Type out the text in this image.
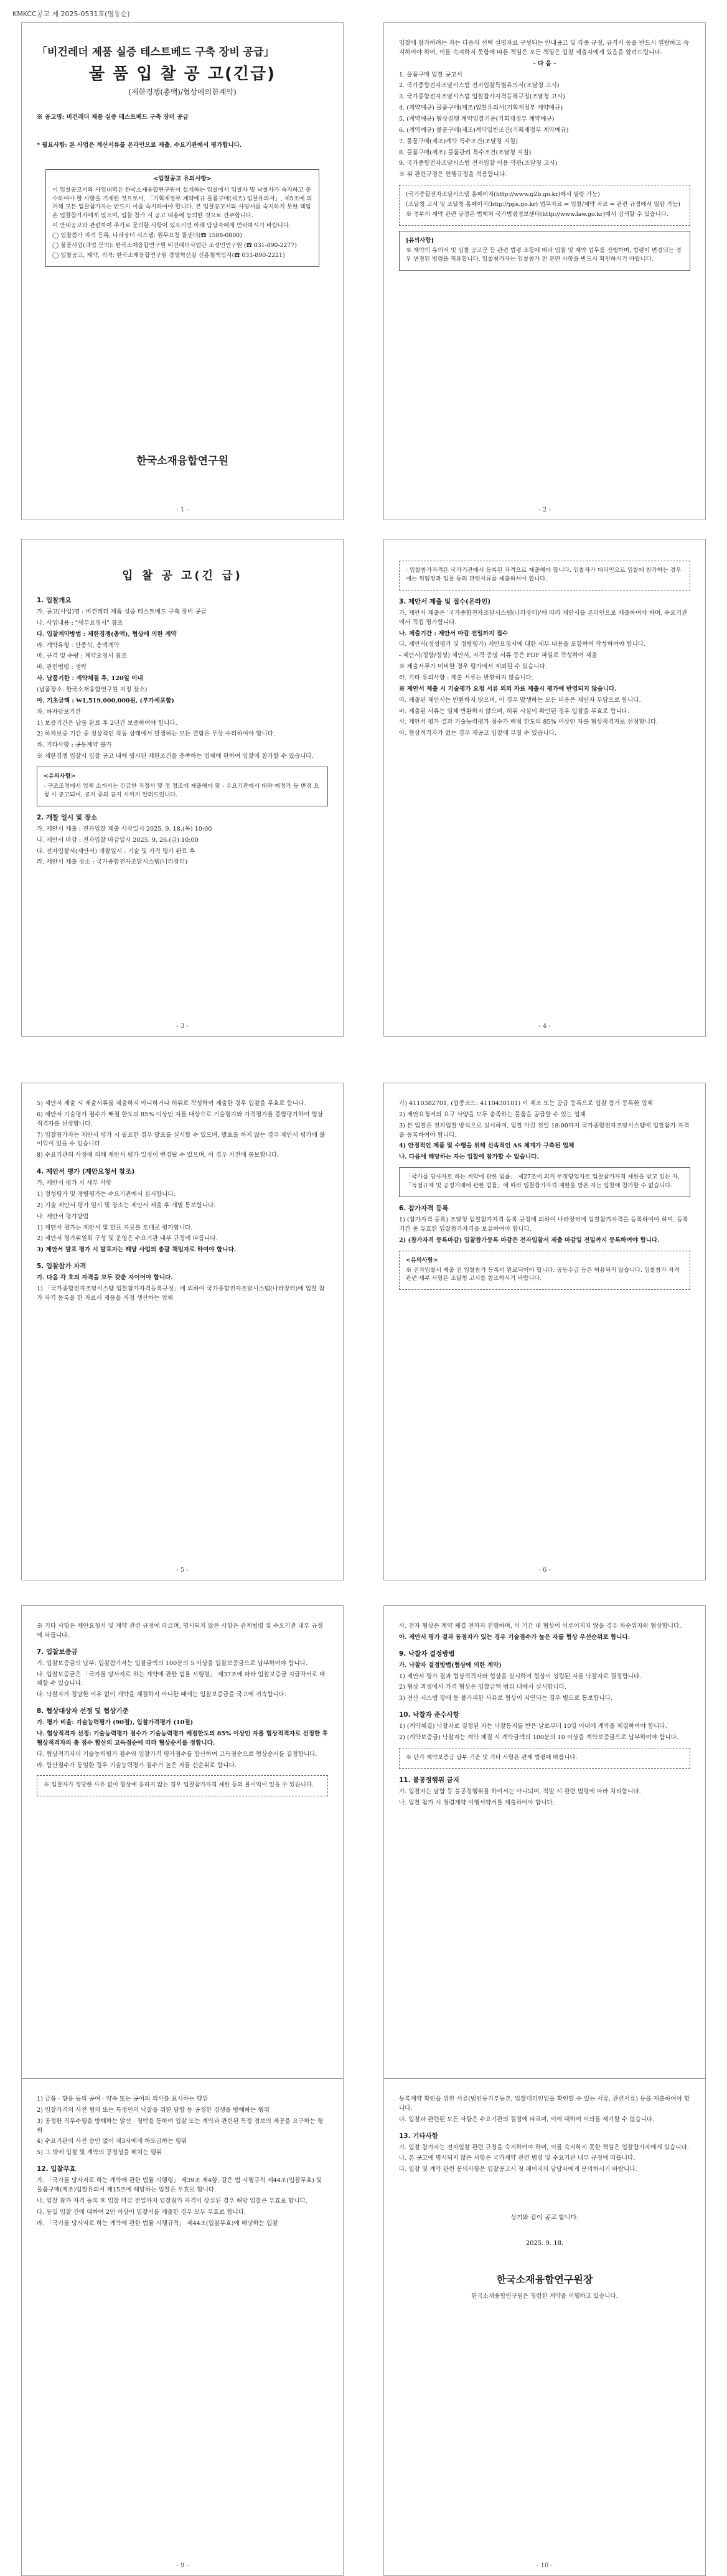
KMKCC공고 제 2025-0531호(명동순)
「비건레더 제품 실증 테스트베드 구축 장비 공급」
물 품 입 찰 공 고(긴급)
(제한경쟁(총액)/협상에의한계약)

※ 공고명: 비건레더 제품 실증 테스트베드 구축 장비 공급

* 필요사항: 본 사업은 계산서류를 온라인으로 제출, 수요기관에서 평가합니다.

<입찰공고 유의사항>

이 입찰공고서와 사업내역은 한국소재융합연구원이 설계하는 입찰에서 입찰자 및 낙찰자가 숙지하고 준수하여야 할 사항을 기재한 것으로서, 「기획재정부 계약예규 물품구매(제조) 입찰유의서」, 제5조에 의거해 모든 입찰참가자는 반드시 이를 숙지하여야 합니다. 본 입찰공고서와 사양서를 숙지하지 못한 책임은 입찰참가자에게 있으며, 입찰 참가 시 공고 내용에 동의한 것으로 간주합니다.

이 안내공고와 관련하여 추가로 문의할 사항이 있으시면 아래 담당자에게 연락하시기 바랍니다.

◯ 입찰참가 자격 등록, 나라장터 시스템: 원무요청 콜센터(☎ 1588-0800)

◯ 물품사업(과업 문의): 한국소재융합연구원 비건레더사업단 조성민연구원 (☎ 031-890-2277)

◯ 입찰공고, 계약, 적격: 한국소재융합연구원 경영혁신실 신홍철책임자(☎ 031-890-2221)

한국소재융합연구원
- 1 -

입찰에 참가하려는 자는 다음의 선택 설명자료 구성되는 안내공고 및 각종 규정, 규격서 등을 반드시 열람하고 숙지하여야 하며, 이를 숙지하지 못함에 따른 책임은 모든 책임은 입찰 제출자에게 있음을 알려드립니다.

- 다 음 -

1. 물품구매 입찰 공고서

2. 국가종합전자조달시스템 전자입찰특별유의서(조달청 고시)

3. 국가종합전자조달시스템 입찰참가자격등록규정(조달청 고시)

4. (계약예규) 물품구매(제조)입찰유의서(기획재정부 계약예규)

5. (계약예규) 협상집행 계약입찰기준(기획재정부 계약예규)

6. (계약예규) 물품구매(제조)계약일반조건(기획재정부 계약예규)

7. 물품구매(제조)계약 특수조건(조달청 지침)

8. 물품구매(제조) 물품관리 특수조건(조달청 지침)

9. 국가종합전자조달시스템 전자입찰 이용 약관(조달청 고시)

※ 위 관련규정은 현행규정을 적용합니다.

(국가종합전자조달시스템 홈페이지(http://www.g2b.go.kr)에서 열람 가능)

(조달청 고시 및 조달청 홈페이지(http://pps.go.kr) 업무자료 ⇒ 입찰/계약 자료 ⇒ 관련 규정에서 열람 가능)

※ 정부의 계약 관련 규정은 법제처 국가법령정보센터(http://www.law.go.kr)에서 검색할 수 있습니다.

[유의사항]

※ 계약의 유의서 및 입찰 공고문 등 관련 법령 조항에 따라 입찰 및 계약 업무를 진행하며, 법령이 변경되는 경우 변경된 법령을 적용합니다. 입찰참가자는 입찰참가 전 관련 사항을 반드시 확인하시기 바랍니다.

- 2 -
입 찰 공 고(긴 급)
1. 입찰개요

가. 공고(사업)명 : 비건레더 제품 실증 테스트베드 구축 장비 공급

나. 사업내용 : "세부요청서" 참조

다. 입찰계약방법 : 제한경쟁(총액), 협상에 의한 계약

라. 계약유형 : 단종식, 총액계약

마. 규격 및 수량 : 계약요청서 참조

바. 관련법령 : 생략

사. 납품기한 : 계약체결 후, 120일 이내

(납품장소: 한국소재융합연구원 지정 장소)

아. 기초금액 : ₩1,519,000,000원, (부가세포함)

자. 하자담보기간

1) 보증기간은 납품 완료 후 2년간 보증하여야 합니다.

2) 하자보증 기간 중 정상적인 작동 상태에서 발생하는 모든 결함은 무상 수리하여야 합니다.

차. 기타사항 : 공동계약 불가

※ 제한경쟁 입찰시 입찰 공고 내에 명시된 제한조건을 충족하는 업체에 한하여 입찰에 참가할 수 있습니다.

<유의사항>

- 구조조정에서 업체 소개서는 긴급한 지정서 및 정 정조에 제출해야 함 - 수요기관에서 대략 예정가 등 변경 요청 시 공고되며, 공지 중의 공지 시까지 알려드립니다.

2. 개찰 일시 및 장소

가. 제안서 제출 : 전자입찰 제출 시작일시 2025. 9. 18.(목) 10:00

나. 제안서 마감 : 전자입찰 마감일시 2025. 9. 26.(금) 10:00

다. 전자입찰서(제안서) 개찰일시 : 기술 및 가격 평가 완료 후

라. 제안서 제출 장소 : 국가종합전자조달시스템(나라장터)

- 3 -

· 입찰참가자격은 국가기관에서 등록된 자격으로 제출해야 합니다. 입찰자가 대리인으로 입찰에 참가하는 경우에는 위임장과 입찰 등의 관련서류를 제출하셔야 합니다.

3. 제안서 제출 및 접수(온라인)

가. 제안서 제출은 '국가종합전자조달시스템(나라장터)'에 따라 제안서를 온라인으로 제출하여야 하며, 수요기관에서 직접 평가합니다.

나. 제출기간 : 제안서 마감 전일까지 접수

다. 제안서(정성평가 및 정량평가) 제안요청서에 대한 세부 내용을 포함하여 작성하여야 합니다.

- 제안서(정량/정성) 제안서, 자격 증명 서류 등은 PDF 파일로 작성하여 제출

※ 제출서류가 미비한 경우 평가에서 제외될 수 있습니다.

라. 기타 유의사항 : 제출 서류는 반환하지 않습니다.

※ 제안서 제출 시 기술평가 요청 서류 외의 자료 제출시 평가에 반영되지 않습니다.

마. 제출된 제안서는 반환하지 않으며, 이 경우 발생하는 모든 비용은 제안자 부담으로 합니다.

바. 제출된 서류는 일체 반환하지 않으며, 허위 사실이 확인된 경우 입찰을 무효로 합니다.

사. 제안서 평가 결과 기술능력평가 점수가 배점 한도의 85% 이상인 자를 협상적격자로 선정합니다.

아. 협상적격자가 없는 경우 재공고 입찰에 부칠 수 있습니다.

- 4 -

5) 제안서 제출 시 제출서류를 제출하지 아니하거나 허위로 작성하여 제출한 경우 입찰을 무효로 합니다.

6) 제안서 기술평가 점수가 배점 한도의 85% 이상인 자를 대상으로 기술평가와 가격평가를 종합평가하여 협상적격자를 선정합니다.

7) 입찰참가자는 제안서 평가 시 필요한 경우 발표를 실시할 수 있으며, 발표를 하지 않는 경우 제안서 평가에 불이익이 있을 수 있습니다.

8) 수요기관의 사정에 의해 제안서 평가 일정이 변경될 수 있으며, 이 경우 사전에 통보합니다.

4. 제안서 평가 (제안요청서 참조)

가. 제안서 평가 시 세부 사항

1) 정성평가 및 정량평가는 수요기관에서 실시합니다.

2) 기술 제안서 평가 일시 및 장소는 제안서 제출 후 개별 통보합니다.

나. 제안서 평가방법

1) 제안서 평가는 제안서 및 발표 자료를 토대로 평가합니다.

2) 제안서 평가위원회 구성 및 운영은 수요기관 내부 규정에 따릅니다.

3) 제안서 발표 평가 시 발표자는 해당 사업의 총괄 책임자로 하여야 합니다.

5. 입찰참가 자격

가. 다음 각 호의 자격을 모두 갖춘 자이어야 합니다.

1) 「국가종합전자조달시스템 입찰참가자격등록규정」에 의하여 국가종합전자조달시스템(나라장터)에 입찰 참가 자격 등록을 한 자로서 제품을 직접 생산하는 업체

- 5 -

가) 4110382701, (업종코드: 4110430101) 이 제조 또는 공급 등록으로 입찰 참가 등록한 업체

2) 제안요청서의 요구 사양을 모두 충족하는 물품을 공급할 수 있는 업체

3) 본 입찰은 전자입찰 방식으로 실시하며, 입찰 마감 전일 18:00까지 국가종합전자조달시스템에 입찰참가 자격을 등록하여야 합니다.

4) 안정적인 제품 및 수행을 위해 신속적인 AS 체계가 구축된 업체

나. 다음에 해당하는 자는 입찰에 참가할 수 없습니다.

「국가를 당사자로 하는 계약에 관한 법률」 제27조에 의거 부정당업자로 입찰참가자격 제한을 받고 있는 자, 「독점규제 및 공정거래에 관한 법률」에 따라 입찰참가자격 제한을 받은 자는 입찰에 참가할 수 없습니다.

6. 참가자격 등록

1) (참가자격 등록) 조달청 입찰참가자격 등록 규정에 의하여 나라장터에 입찰참가자격을 등록하여야 하며, 등록 기간 중 유효한 입찰참가자격을 보유하여야 합니다.

2) (참가자격 등록마감) 입찰참가등록 마감은 전자입찰서 제출 마감일 전일까지 등록하여야 합니다.

<유의사항>

※ 전자입찰서 제출 전 입찰참가 등록이 완료되어야 합니다. 공동수급 등은 허용되지 않습니다. 입찰참가 자격 관련 세부 사항은 조달청 고시를 참조하시기 바랍니다.

- 6 -

※ 기타 사항은 제안요청서 및 계약 관련 규정에 따르며, 명시되지 않은 사항은 관계법령 및 수요기관 내부 규정에 따릅니다.

7. 입찰보증금

가. 입찰보증금의 납부: 입찰참가자는 입찰금액의 100분의 5 이상을 입찰보증금으로 납부하여야 합니다.

나. 입찰보증금은 「국가를 당사자로 하는 계약에 관한 법률 시행령」 제37조에 따라 입찰보증금 지급각서로 대체할 수 있습니다.

다. 낙찰자가 정당한 이유 없이 계약을 체결하지 아니한 때에는 입찰보증금을 국고에 귀속합니다.

8. 협상대상자 선정 및 협상기준

가. 평가 비율: 기술능력평가 (90점), 입찰가격평가 (10점)

나. 협상적격자 선정: 기술능력평가 점수가 기술능력평가 배점한도의 85% 이상인 자를 협상적격자로 선정한 후 협상적격자의 총 점수 합산의 고득점순에 따라 협상순서를 정합니다.

다. 협상적격자의 기술능력평가 점수와 입찰가격 평가점수를 합산하여 고득점순으로 협상순서를 결정합니다.

라. 합산점수가 동일한 경우 기술능력평가 점수가 높은 자를 선순위로 합니다.

※ 입찰자가 정당한 사유 없이 협상에 응하지 않는 경우 입찰참가자격 제한 등의 불이익이 있을 수 있습니다.

- -

사. 전자 협상은 계약 체결 전까지 진행하며, 이 기간 내 협상이 이루어지지 않을 경우 차순위자와 협상합니다.

아. 제안서 평가 결과 동점자가 있는 경우 기술점수가 높은 자를 협상 우선순위로 합니다.

9. 낙찰자 결정방법

가. 낙찰자 결정방법(협상에 의한 계약)

1) 제안서 평가 결과 협상적격자와 협상을 실시하여 협상이 성립된 자를 낙찰자로 결정합니다.

2) 협상 과정에서 가격 협상은 입찰금액 범위 내에서 실시합니다.

3) 전산 시스템 장애 등 불가피한 사유로 협상이 지연되는 경우 별도로 통보합니다.

10. 낙찰자 준수사항

1) (계약체결) 낙찰자로 결정된 자는 낙찰통지를 받은 날로부터 10일 이내에 계약을 체결하여야 합니다.

2) (계약보증금) 낙찰자는 계약 체결 시 계약금액의 100분의 10 이상을 계약보증금으로 납부하여야 합니다.

※ 단가 계약보증금 납부 기준 및 기타 사항은 관계 법령에 따릅니다.

11. 불공정행위 금지

가. 입찰자는 담합 등 불공정행위를 하여서는 아니되며, 적발 시 관련 법령에 따라 처리합니다.

나. 입찰 참가 시 청렴계약 이행서약서를 제출하여야 합니다.

- -

1) 금품 · 향응 등의 공여 · 약속 또는 공여의 의사를 표시하는 행위

2) 입찰가격의 사전 협의 또는 특정인의 낙찰을 위한 담합 등 공정한 경쟁을 방해하는 행위

3) 공정한 직무수행을 방해하는 알선 · 청탁을 통하여 입찰 또는 계약과 관련된 특정 정보의 제공을 요구하는 행위

4) 수요기관의 사전 승인 없이 제3자에게 하도급하는 행위

5) 그 밖에 입찰 및 계약의 공정성을 해치는 행위

12. 입찰무효

가. 「국가를 당사자로 하는 계약에 관한 법률 시행령」 제39조 제4항, 같은 법 시행규칙 제44조(입찰무효) 및 물품구매(제조)입찰유의서 제15조에 해당하는 입찰은 무효로 합니다.

나. 입찰 참가 자격 등록 후 입찰 마감 전일까지 입찰참가 자격이 상실된 경우 해당 입찰은 무효로 합니다.

다. 동일 입찰 건에 대하여 2인 이상이 입찰서를 제출한 경우 모두 무효로 합니다.

라. 「국가를 당사자로 하는 계약에 관한 법률 시행규칙」 제44조(입찰무효)에 해당하는 입찰

- 9 -

동록계약 확인을 위한 서류(법인등기부등본, 입찰대리인임을 확인할 수 있는 서류, 관련서류) 등을 제출하여야 합니다.

다. 입찰과 관련된 모든 사항은 수요기관의 결정에 따르며, 이에 대하여 이의를 제기할 수 없습니다.

13. 기타사항

가. 입찰 참가자는 전자입찰 관련 규정을 숙지하여야 하며, 이를 숙지하지 못한 책임은 입찰참가자에게 있습니다.

나. 본 공고에 명시되지 않은 사항은 국가계약 관련 법령 및 수요기관 내부 규정에 따릅니다.

다. 입찰 및 계약 관련 문의사항은 입찰공고서 첫 페이지의 담당자에게 문의하시기 바랍니다.

상기와 같이 공고 합니다.
2025. 9. 18.
한국소재융합연구원장
한국소재융합연구원은 청렴한 계약을 이행하고 있습니다.
- 10 -
